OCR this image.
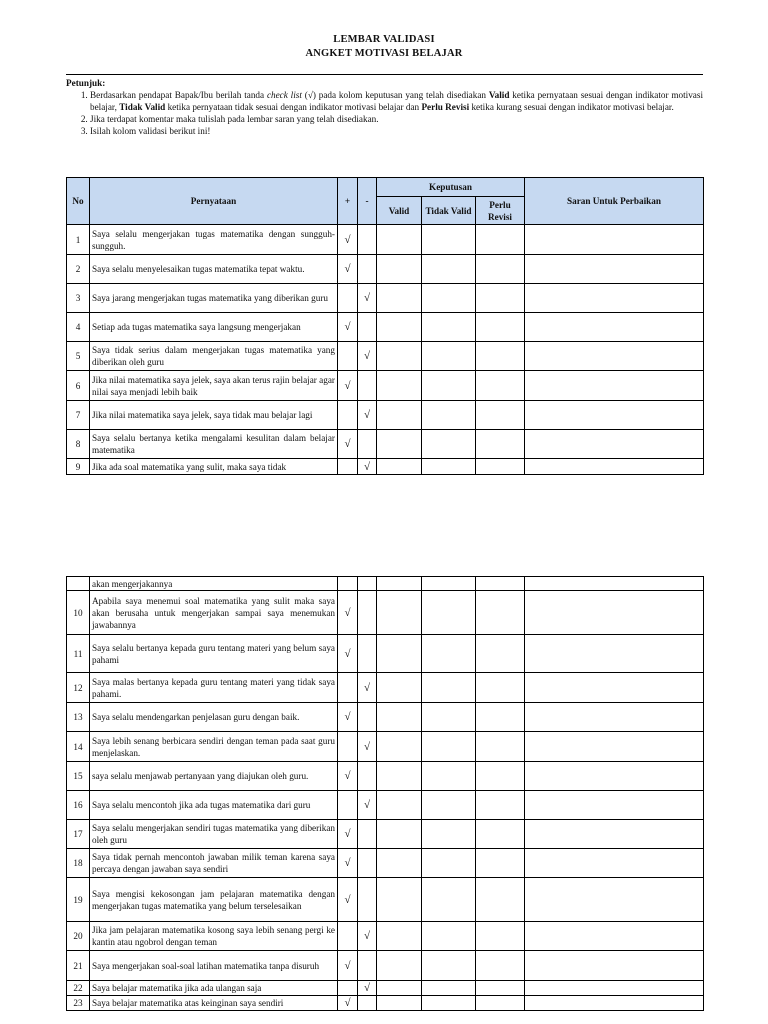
LEMBAR VALIDASI
ANGKET MOTIVASI BELAJAR
Petunjuk:
1. Berdasarkan pendapat Bapak/Ibu berilah tanda check list (√) pada kolom keputusan yang telah disediakan Valid ketika pernyataan sesuai dengan indikator motivasi belajar, Tidak Valid ketika pernyataan tidak sesuai dengan indikator motivasi belajar dan Perlu Revisi ketika kurang sesuai dengan indikator motivasi belajar.
2. Jika terdapat komentar maka tulislah pada lembar saran yang telah disediakan.
3. Isilah kolom validasi berikut ini!
No	Pernyataan	+	-	Keputusan			Saran Untuk Perbaikan
				Valid	Tidak Valid	Perlu Revisi	
1	Saya selalu mengerjakan tugas matematika dengan sungguh-sungguh.	√					
2	Saya selalu menyelesaikan tugas matematika tepat waktu.	√					
3	Saya jarang mengerjakan tugas matematika yang diberikan guru		√				
4	Setiap ada tugas matematika saya langsung mengerjakan	√					
5	Saya tidak serius dalam mengerjakan tugas matematika yang diberikan oleh guru		√				
6	Jika nilai matematika saya jelek, saya akan terus rajin belajar agar nilai saya menjadi lebih baik	√					
7	Jika nilai matematika saya jelek, saya tidak mau belajar lagi		√				
8	Saya selalu bertanya ketika mengalami kesulitan dalam belajar matematika	√					
9	Jika ada soal matematika yang sulit, maka saya tidak		√				
	akan mengerjakannya						
10	Apabila saya menemui soal matematika yang sulit maka saya akan berusaha untuk mengerjakan sampai saya menemukan jawabannya	√					
11	Saya selalu bertanya kepada guru tentang materi yang belum saya pahami	√					
12	Saya malas bertanya kepada guru tentang materi yang tidak saya pahami.		√				
13	Saya selalu mendengarkan penjelasan guru dengan baik.	√					
14	Saya lebih senang berbicara sendiri dengan teman pada saat guru menjelaskan.		√				
15	saya selalu menjawab pertanyaan yang diajukan oleh guru.	√					
16	Saya selalu mencontoh jika ada tugas matematika dari guru		√				
17	Saya selalu mengerjakan sendiri tugas matematika yang diberikan oleh guru	√					
18	Saya tidak pernah mencontoh jawaban milik teman karena saya percaya dengan jawaban saya sendiri	√					
19	Saya mengisi kekosongan jam pelajaran matematika dengan mengerjakan tugas matematika yang belum terselesaikan	√					
20	Jika jam pelajaran matematika kosong saya lebih senang pergi ke kantin atau ngobrol dengan teman		√				
21	Saya mengerjakan soal-soal latihan matematika tanpa disuruh	√					
22	Saya belajar matematika jika ada ulangan saja		√				
23	Saya belajar matematika atas keinginan saya sendiri	√					
